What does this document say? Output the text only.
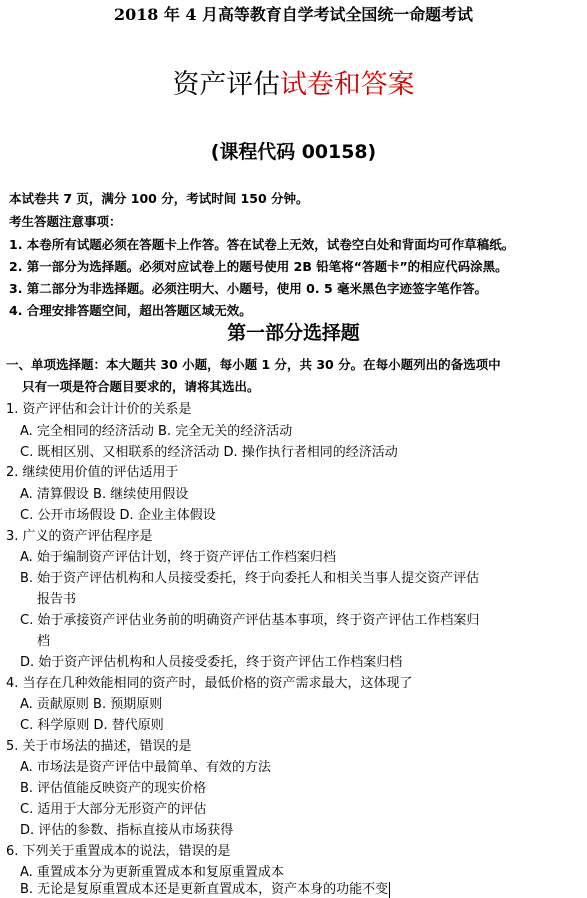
2018 年 4 月高等教育自学考试全国统一命题考试
资产评估试卷和答案
(课程代码 00158)
本试卷共 7 页，满分 100 分，考试时间 150 分钟。
考生答题注意事项：
1. 本卷所有试题必须在答题卡上作答。答在试卷上无效，试卷空白处和背面均可作草稿纸。
2. 第一部分为选择题。必须对应试卷上的题号使用 2B 铅笔将“答题卡”的相应代码涂黑。
3. 第二部分为非选择题。必须注明大、小题号，使用 0. 5 毫米黑色字迹签字笔作答。
4. 合理安排答题空间，超出答题区域无效。
第一部分选择题
一、单项选择题：本大题共 30 小题，每小题 1 分，共 30 分。在每小题列出的备选项中
只有一项是符合题目要求的，请将其选出。
1. 资产评估和会计计价的关系是
A. 完全相同的经济活动 B. 完全无关的经济活动
C. 既相区别、又相联系的经济活动 D. 操作执行者相同的经济活动
2. 继续使用价值的评估适用于
A. 清算假设 B. 继续使用假设
C. 公开市场假设 D. 企业主体假设
3. 广义的资产评估程序是
A. 始于编制资产评估计划，终于资产评估工作档案归档
B. 始于资产评估机构和人员接受委托，终于向委托人和相关当事人提交资产评估
报告书
C. 始于承接资产评估业务前的明确资产评估基本事项，终于资产评估工作档案归
档
D. 始于资产评估机构和人员接受委托，终于资产评估工作档案归档
4. 当存在几种效能相同的资产时，最低价格的资产需求最大，这体现了
A. 贡献原则 B. 预期原则
C. 科学原则 D. 替代原则
5. 关于市场法的描述，错误的是
A. 市场法是资产评估中最简单、有效的方法
B. 评估值能反映资产的现实价格
C. 适用于大部分无形资产的评估
D. 评估的参数、指标直接从市场获得
6. 下列关于重置成本的说法，错误的是
A. 重置成本分为更新重置成本和复原重置成本
B. 无论是复原重置成本还是更新直置成本，资产本身的功能不变
